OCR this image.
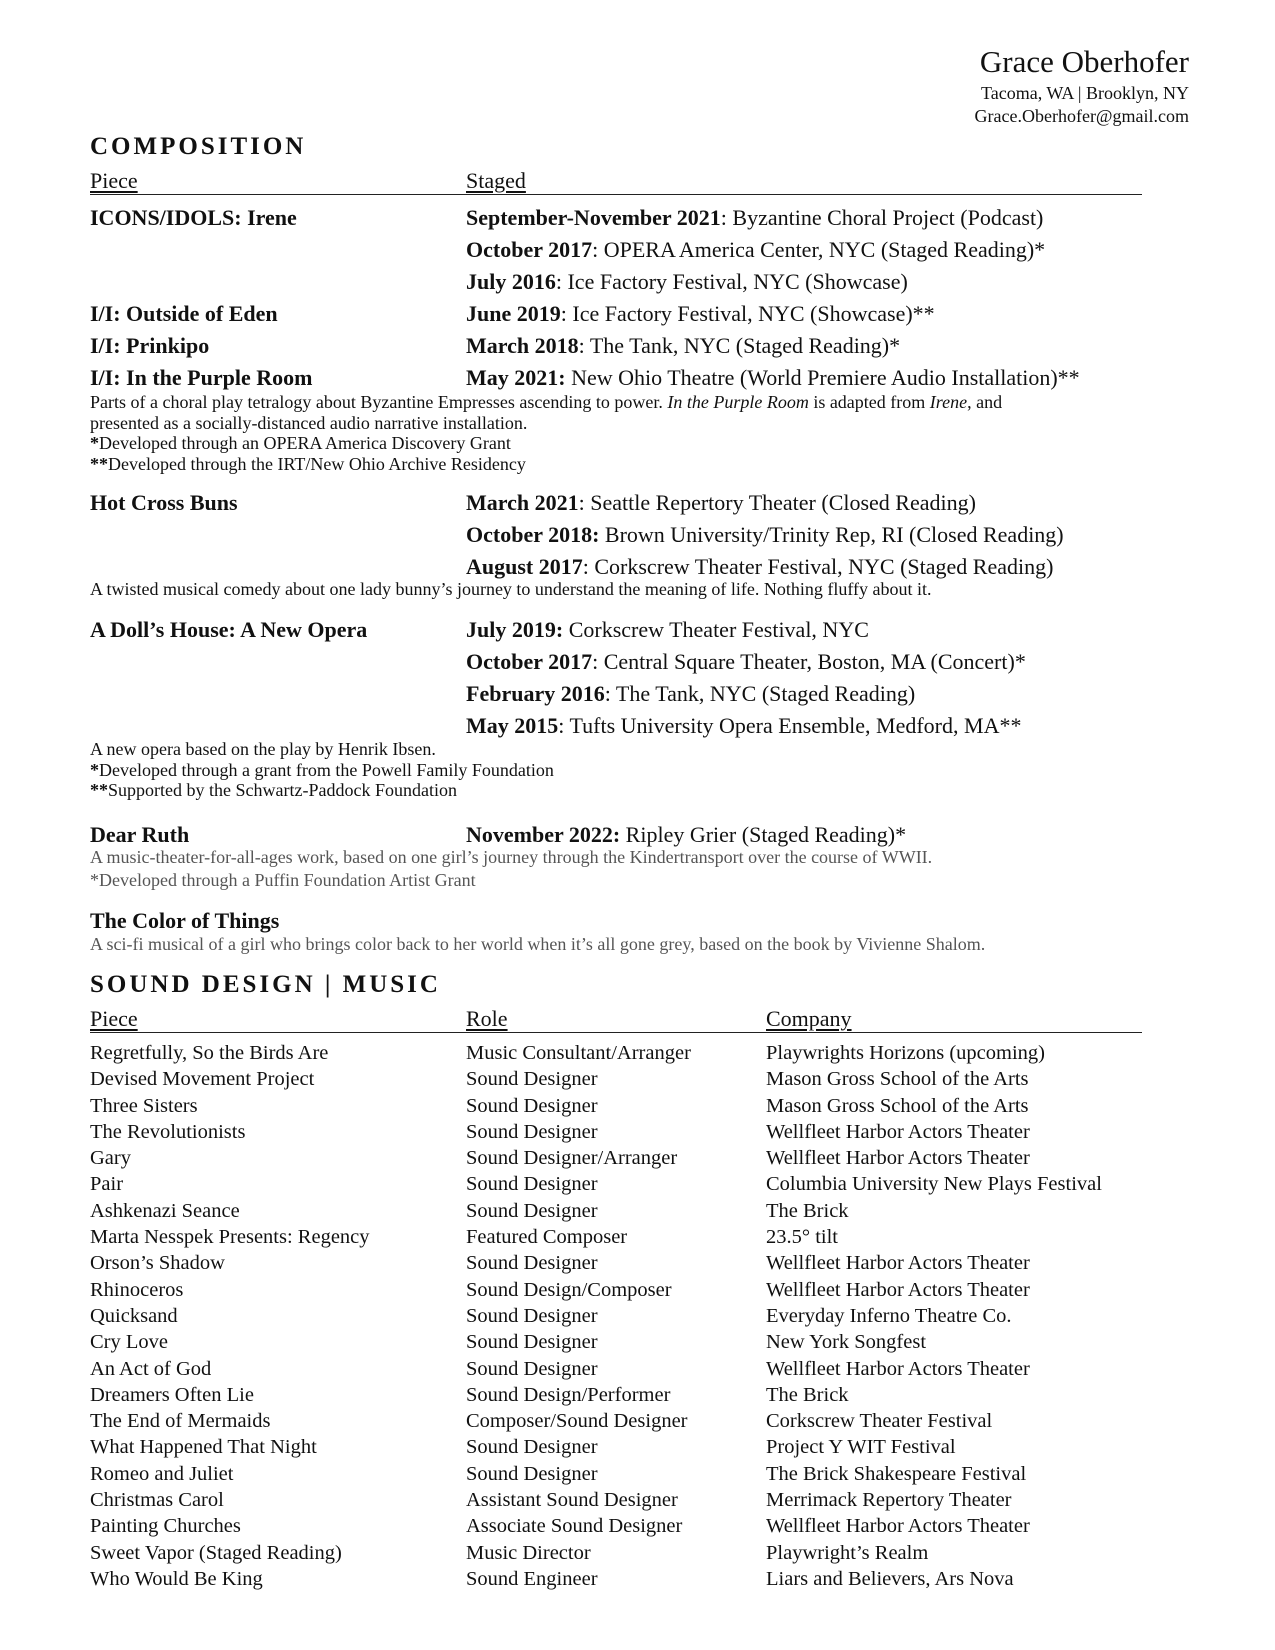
Grace Oberhofer
Tacoma, WA | Brooklyn, NY
Grace.Oberhofer@gmail.com
COMPOSITION
Piece	Staged
ICONS/IDOLS: Irene	September-November 2021: Byzantine Choral Project (Podcast)
October 2017: OPERA America Center, NYC (Staged Reading)*
July 2016: Ice Factory Festival, NYC (Showcase)
I/I: Outside of Eden	June 2019: Ice Factory Festival, NYC (Showcase)**
I/I: Prinkipo	March 2018: The Tank, NYC (Staged Reading)*
I/I: In the Purple Room	May 2021: New Ohio Theatre (World Premiere Audio Installation)**
Parts of a choral play tetralogy about Byzantine Empresses ascending to power. In the Purple Room is adapted from Irene, and
presented as a socially-distanced audio narrative installation.
*Developed through an OPERA America Discovery Grant
**Developed through the IRT/New Ohio Archive Residency
Hot Cross Buns	March 2021: Seattle Repertory Theater (Closed Reading)
October 2018: Brown University/Trinity Rep, RI (Closed Reading)
August 2017: Corkscrew Theater Festival, NYC (Staged Reading)
A twisted musical comedy about one lady bunny’s journey to understand the meaning of life. Nothing fluffy about it.
A Doll’s House: A New Opera	July 2019: Corkscrew Theater Festival, NYC
October 2017: Central Square Theater, Boston, MA (Concert)*
February 2016: The Tank, NYC (Staged Reading)
May 2015: Tufts University Opera Ensemble, Medford, MA**
A new opera based on the play by Henrik Ibsen.
*Developed through a grant from the Powell Family Foundation
**Supported by the Schwartz-Paddock Foundation
Dear Ruth	November 2022: Ripley Grier (Staged Reading)*
A music-theater-for-all-ages work, based on one girl’s journey through the Kindertransport over the course of WWII.
*Developed through a Puffin Foundation Artist Grant
The Color of Things
A sci-fi musical of a girl who brings color back to her world when it’s all gone grey, based on the book by Vivienne Shalom.
SOUND DESIGN | MUSIC
Piece	Role	Company
Regretfully, So the Birds Are	Music Consultant/Arranger	Playwrights Horizons (upcoming)
Devised Movement Project	Sound Designer	Mason Gross School of the Arts
Three Sisters	Sound Designer	Mason Gross School of the Arts
The Revolutionists	Sound Designer	Wellfleet Harbor Actors Theater
Gary	Sound Designer/Arranger	Wellfleet Harbor Actors Theater
Pair	Sound Designer	Columbia University New Plays Festival
Ashkenazi Seance	Sound Designer	The Brick
Marta Nesspek Presents: Regency	Featured Composer	23.5° tilt
Orson’s Shadow	Sound Designer	Wellfleet Harbor Actors Theater
Rhinoceros	Sound Design/Composer	Wellfleet Harbor Actors Theater
Quicksand	Sound Designer	Everyday Inferno Theatre Co.
Cry Love	Sound Designer	New York Songfest
An Act of God	Sound Designer	Wellfleet Harbor Actors Theater
Dreamers Often Lie	Sound Design/Performer	The Brick
The End of Mermaids	Composer/Sound Designer	Corkscrew Theater Festival
What Happened That Night	Sound Designer	Project Y WIT Festival
Romeo and Juliet	Sound Designer	The Brick Shakespeare Festival
Christmas Carol	Assistant Sound Designer	Merrimack Repertory Theater
Painting Churches	Associate Sound Designer	Wellfleet Harbor Actors Theater
Sweet Vapor (Staged Reading)	Music Director	Playwright’s Realm
Who Would Be King	Sound Engineer	Liars and Believers, Ars Nova
